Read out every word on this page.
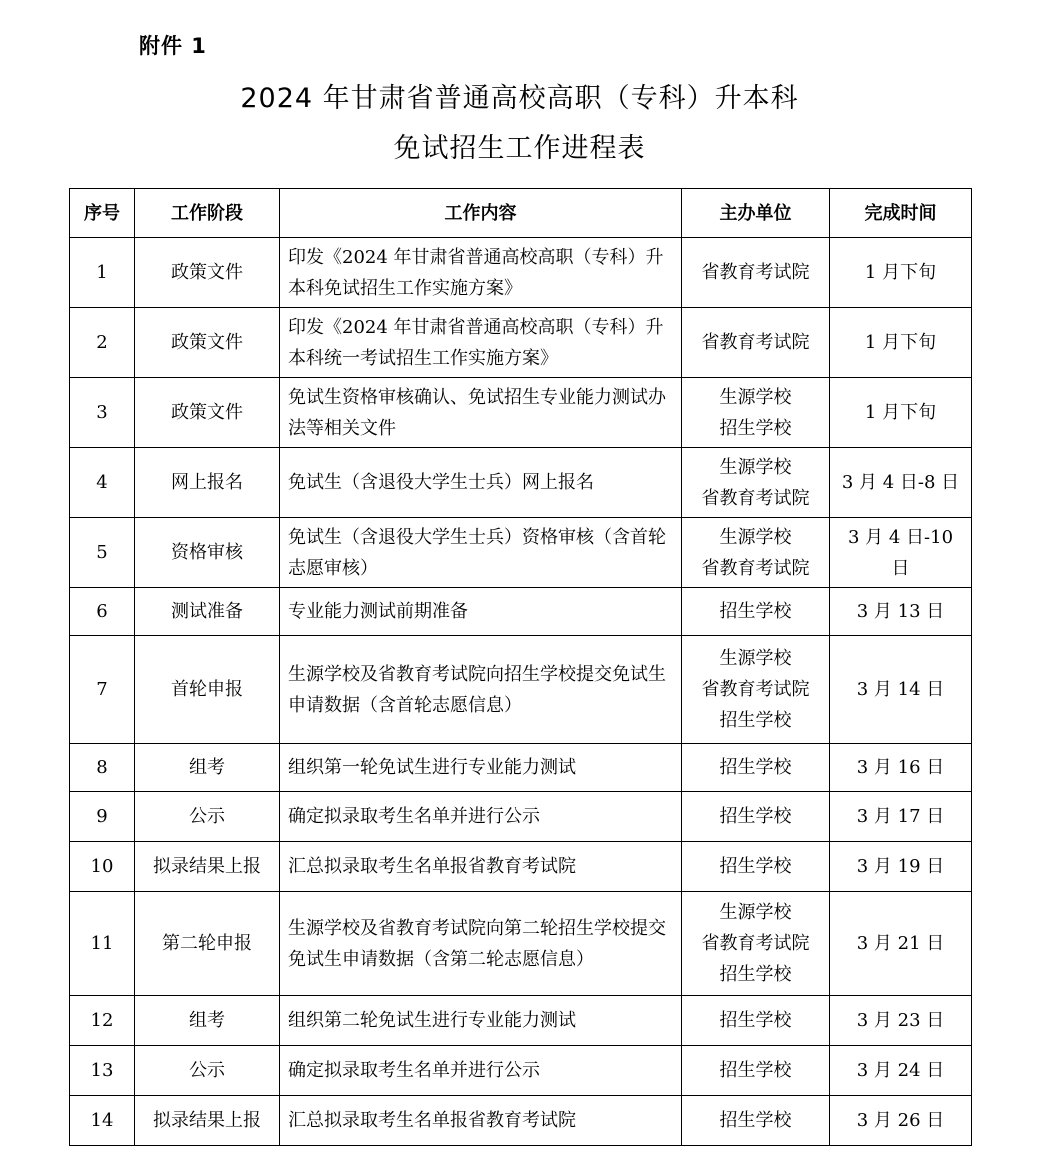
附件 1
2024 年甘肃省普通高校高职（专科）升本科
免试招生工作进程表
序号	工作阶段	工作内容	主办单位	完成时间
1	政策文件	印发《2024 年甘肃省普通高校高职（专科）升本科免试招生工作实施方案》	省教育考试院	1 月下旬
2	政策文件	印发《2024 年甘肃省普通高校高职（专科）升本科统一考试招生工作实施方案》	省教育考试院	1 月下旬
3	政策文件	免试生资格审核确认、免试招生专业能力测试办法等相关文件	生源学校
招生学校	1 月下旬
4	网上报名	免试生（含退役大学生士兵）网上报名	生源学校
省教育考试院	3 月 4 日-8 日
5	资格审核	免试生（含退役大学生士兵）资格审核（含首轮志愿审核）	生源学校
省教育考试院	3 月 4 日-10 日
6	测试准备	专业能力测试前期准备	招生学校	3 月 13 日
7	首轮申报	生源学校及省教育考试院向招生学校提交免试生申请数据（含首轮志愿信息）	生源学校
省教育考试院
招生学校	3 月 14 日
8	组考	组织第一轮免试生进行专业能力测试	招生学校	3 月 16 日
9	公示	确定拟录取考生名单并进行公示	招生学校	3 月 17 日
10	拟录结果上报	汇总拟录取考生名单报省教育考试院	招生学校	3 月 19 日
11	第二轮申报	生源学校及省教育考试院向第二轮招生学校提交免试生申请数据（含第二轮志愿信息）	生源学校
省教育考试院
招生学校	3 月 21 日
12	组考	组织第二轮免试生进行专业能力测试	招生学校	3 月 23 日
13	公示	确定拟录取考生名单并进行公示	招生学校	3 月 24 日
14	拟录结果上报	汇总拟录取考生名单报省教育考试院	招生学校	3 月 26 日
